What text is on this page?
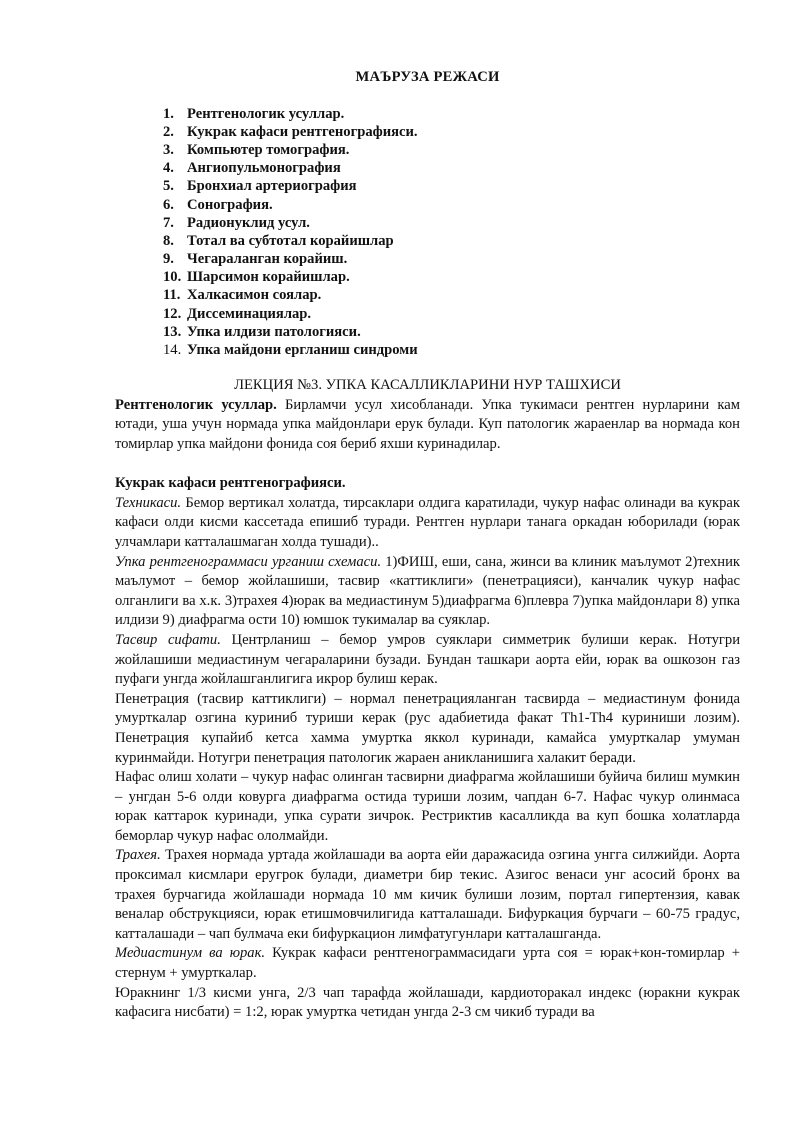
МАЪРУЗА РЕЖАСИ
1. Рентгенологик усуллар.
2. Кукрак кафаси рентгенографияси.
3. Компьютер томография.
4. Ангиопульмонография
5. Бронхиал артериография
6. Сонография.
7. Радионуклид усул.
8. Тотал ва субтотал корайишлар
9. Чегараланган корайиш.
10. Шарсимон корайишлар.
11. Халкасимон соялар.
12. Диссеминациялар.
13. Упка илдизи патологияси.
14. Упка майдони ергланиш синдроми
ЛЕКЦИЯ №3. УПКА КАСАЛЛИКЛАРИНИ НУР ТАШХИСИ

Рентгенологик усуллар. Бирламчи усул хисобланади. Упка тукимаси рентген нурларини кам ютади, уша учун нормада упка майдонлари ерук булади. Куп патологик жараенлар ва нормада кон томирлар упка майдони фонида соя бериб яхши куринадилар.

Кукрак кафаси рентгенографияси.

Техникаси. Бемор вертикал холатда, тирсаклари олдига каратилади, чукур нафас олинади ва кукрак кафаси олди кисми кассетада епишиб туради. Рентген нурлари танага оркадан юборилади (юрак улчамлари катталашмаган холда тушади)..

Упка рентгенограммаси урганиш схемаси. 1)ФИШ, еши, сана, жинси ва клиник маълумот 2)техник маълумот – бемор жойлашиши, тасвир «каттиклиги» (пенетрацияси), канчалик чукур нафас олганлиги ва х.к. 3)трахея 4)юрак ва медиастинум 5)диафрагма 6)плевра 7)упка майдонлари 8) упка илдизи 9) диафрагма ости 10) юмшок тукималар ва суяклар.

Тасвир сифати. Центрланиш – бемор умров суяклари симметрик булиши керак. Нотугри жойлашиши медиастинум чегараларини бузади. Бундан ташкари аорта ейи, юрак ва ошкозон газ пуфаги унгда жойлашганлигига икрор булиш керак.

Пенетрация (тасвир каттиклиги) – нормал пенетрацияланган тасвирда – медиастинум фонида умурткалар озгина куриниб туриши керак (рус адабиетида факат Th1-Th4 куриниши лозим). Пенетрация купайиб кетса хамма умуртка яккол куринади, камайса умурткалар умуман куринмайди. Нотугри пенетрация патологик жараен аникланишига халакит беради.

Нафас олиш холати – чукур нафас олинган тасвирни диафрагма жойлашиши буйича билиш мумкин – унгдан 5-6 олди ковурга диафрагма остида туриши лозим, чапдан 6-7. Нафас чукур олинмаса юрак каттарок куринади, упка сурати зичрок. Рестриктив касалликда ва куп бошка холатларда беморлар чукур нафас ололмайди.

Трахея. Трахея нормада уртада жойлашади ва аорта ейи даражасида озгина унгга силжийди. Аорта проксимал кисмлари еругрок булади, диаметри бир текис. Азигос венаси унг асосий бронх ва трахея бурчагида жойлашади нормада 10 мм кичик булиши лозим, портал гипертензия, кавак веналар обструкцияси, юрак етишмовчилигида катталашади. Бифуркация бурчаги – 60-75 градус, катталашади – чап булмача еки бифуркацион лимфатугунлари катталашганда.

Медиастинум ва юрак. Кукрак кафаси рентгенограммасидаги урта соя = юрак+кон-томирлар + стернум + умурткалар.

Юракнинг 1/3 кисми унга, 2/3 чап тарафда жойлашади, кардиоторакал индекс (юракни кукрак кафасига нисбати) = 1:2, юрак умуртка четидан унгда 2-3 см чикиб туради ва
